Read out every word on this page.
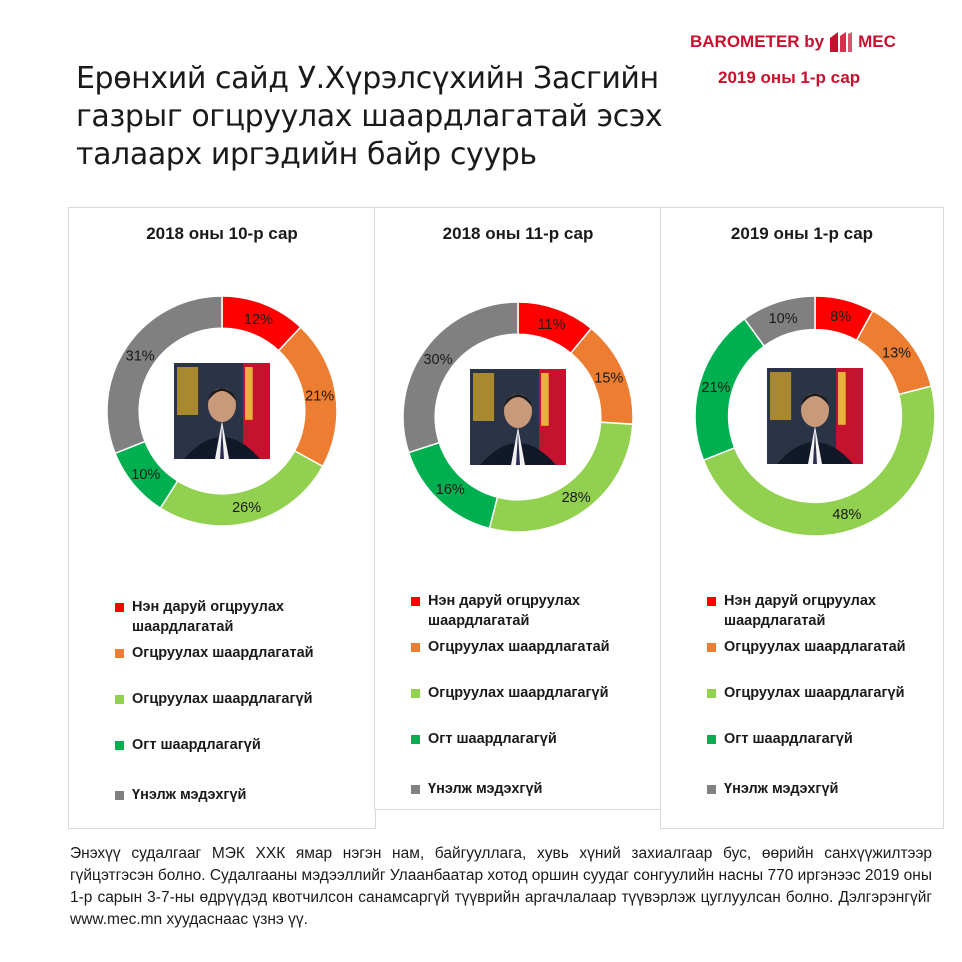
Ерөнхий сайд У.Хүрэлсүхийн Засгийн
газрыг огцруулах шаардлагатай эсэх
талаарх иргэдийн байр суурь
BAROMETER by MEC
2019 оны 1-р сар
2018 оны 10-р сар
12%
21%
26%
10%
31%
Нэн даруй огцруулах шаардлагатай
Огцруулах шаардлагатай
Огцруулах шаардлагагүй
Огт шаардлагагүй
Үнэлж мэдэхгүй
2018 оны 11-р сар
11%
15%
28%
16%
30%
Нэн даруй огцруулах шаардлагатай
Огцруулах шаардлагатай
Огцруулах шаардлагагүй
Огт шаардлагагүй
Үнэлж мэдэхгүй
2019 оны 1-р сар
8%
13%
48%
21%
10%
Нэн даруй огцруулах шаардлагатай
Огцруулах шаардлагатай
Огцруулах шаардлагагүй
Огт шаардлагагүй
Үнэлж мэдэхгүй
Энэхүү судалгааг МЭК ХХК ямар нэгэн нам, байгууллага, хувь хүний захиалгаар бус, өөрийн санхүүжилтээр гүйцэтгэсэн болно. Судалгааны мэдээллийг Улаанбаатар хотод оршин суудаг сонгуулийн насны 770 иргэнээс 2019 оны 1-р сарын 3-7-ны өдрүүдэд квотчилсон санамсаргүй түүврийн аргачлалаар түүвэрлэж цуглуулсан болно. Дэлгэрэнгүйг www.mec.mn хуудаснаас үзнэ үү.
